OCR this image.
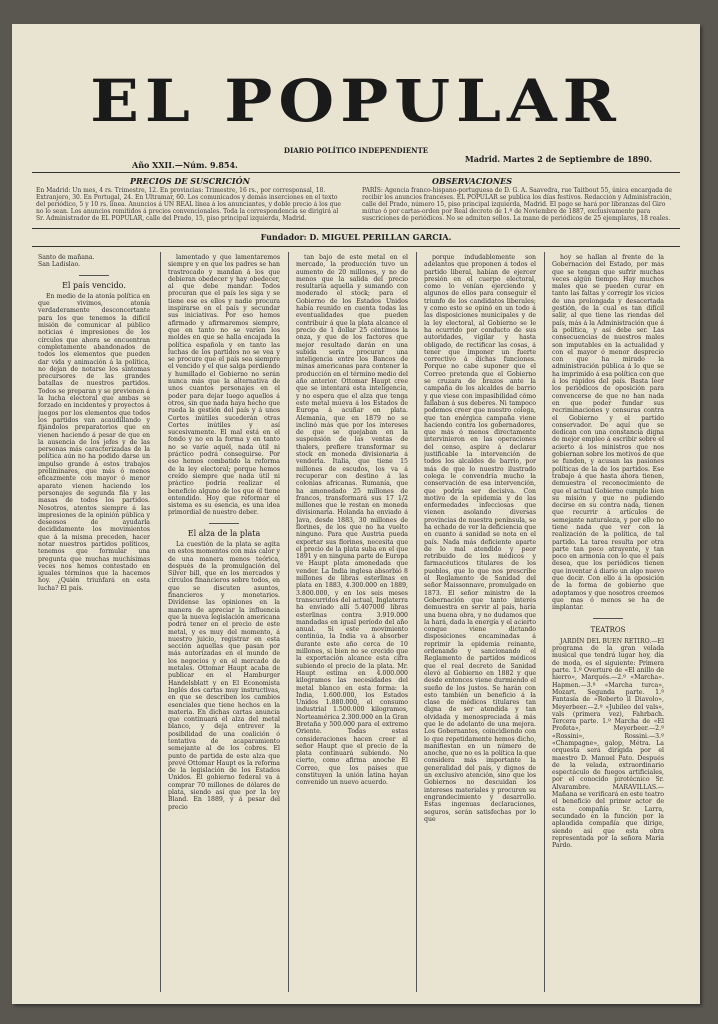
EL POPULAR
DIARIO POLÍTICO INDEPENDIENTE
Año XXII.—Núm. 9.854.
Madrid. Martes 2 de Septiembre de 1890.
PRECIOS DE SUSCRICIÓN
En Madrid: Un mes, 4 rs. Trimestre, 12. En provincias: Trimestre, 16 rs., por corresponsal, 18. Extranjero, 30. En Portugal, 24. En Ultramar, 60. Los comunicados y demás inserciones en el texto del periódico, 5 y 10 rs. línea. Anuncios á UN REAL línea á los anunciantes, y doble precio á los que no lo sean. Los anuncios remitidos á precios convencionales. Toda la correspondencia se dirigirá al Sr. Administrador de EL POPULAR, calle del Prado, 15, piso principal izquierda, Madrid.
OBSERVACIONES
PARÍS: Agencia franco-hispano-portuguesa de D. G. A. Saavedra, rue Taitbout 55, única encargada de recibir los anuncios franceses. EL POPULAR se publica los días festivos. Redacción y Administración, calle del Prado, número 15, piso principal izquierda, Madrid. El pago se hará por libranzas del Giro mútuo ó por cartas-orden por Real decreto de 1.º de Noviembre de 1887, exclusivamente para suscriciones de periódicos. No se admiten sellos. La mano de periódicos de 25 ejemplares, 18 reales.
Fundador: D. MIGUEL PERILLAN GARCIA.

Santo de mañana.

San Ladislao.

El país vencido.

En medio de la atonía política en que vivimos, atonía verdaderamente desconcertante para los que tenemos la difícil misión de comunicar al público noticias é impresiones de los círculos que ahora se encuentran completamente abandonados de todos los elementos que pueden dar vida y animación á la política, no dejan de notarse los síntomas precursores de las grandes batallas de nuestros partidos. Todos se preparan y se previenen á la lucha electoral que ambas se forzado en incidentes y proyectos á juegos por los elementos que todos los partidos van acaudillando y fijándolos preparatorios que en vienen haciendo á pesar de que en la ausencia de los jefes y de las personas más caracterizadas de la política aún no ha podido darse un impulso grande á estos trabajos preliminares, que más ó menos eficazmente con mayor ó menor aparato vienen haciendo los personajes de segunda fila y las masas de todos los partidos. Nosotros, atentos siempre á las impresiones de la opinión pública y deseosos de ayudarla decididamente los movimientos que á la misma preceden, hacer notar nuestros partidos políticos, tenemos que formular una pregunta que muchas muchísimas veces nos hemos contestado en iguales términos que la hacemos hoy. ¿Quién triunfará en esta lucha? El país.

lamentado y que lamentaremos siempre y en que los padres se han trastrocado y mandan á los que debieran obedecer y hay obedecer, al que debe mandar. Todos procuran que el país les siga y se tiene ese es ellos y nadie procura inspirarse en el país y secundar sus iniciativas. Por eso hemos afirmado y afirmaremos siempre, que en tanto no se varíen los moldes en que se halla encajada la política española y en tanto las luchas de los partidos no se vea y se procure que el país sea siempre el vencido y el que salga perdiendo y humillado el Gobierno no serán nunca más que la alternativa de unos cuantos personajes en el poder para dejar luego aquellos á otros, sin que nada haya hecho que rueda la gestión del país y á unos Cortes inútiles sucederán otras Cortes inútiles y así sucesivamente. El mal está en el fondo y no en la forma y en tanto no se varíe aquél, nada útil ni práctico podrá conseguirse. Por eso hemos combatido la reforma de la ley electoral; porque hemos creído siempre que nada útil ni práctico podría realizar el beneficio alguno de los que él tiene entendido. Hoy que reformar el sistema es su esencia, es una idea primordial de nuestro deber.

El alza de la plata

La cuestión de la plata se agita en estos momentos con más calor y de una manera menos teórica, después de la promulgación del Silver bill, que en los mercados y círculos financieros sobre todos, en que se discuten asuntos, financieros y monetarios. Divídense las opiniones en la manera de apreciar la influencia que la nueva legislación americana podrá tener en el precio de este metal, y es muy del momento, á nuestro juicio, registrar en esta sección aquellas que pasan por más autorizadas en el mundo de los negocios y en el mercado de metales. Ottomar Haupt acaba de publicar en el Hamburger Handelsblatt y en El Economista Inglés dos cartas muy instructivas, en que se describen los cambios esenciales que tiene hechos en la materia. En dichas cartas anuncia que continuará el alza del metal blanco, y deja entrever la posibilidad de una coalición ó tentativa de acaparamiento semejante al de los cobres. El punto de partida de este alza que prevé Ottomar Haupt es la reforma de la legislación de los Estados Unidos. El gobierno federal va á comprar 70 millones de dólares de plata, siendo así que por la ley Bland. En 1889, y á pesar del precio

tan bajo de este metal en el mercado, la producción tuvo un aumento de 20 millones, y no de menos que la salida del precio resultaría aquella y sumando con moderado el stock; para el Gobierno de los Estados Unidos había reunido en cuenta todas las eventualidades que pueden contribuir á que la plata alcance el precio de 1 dollar 25 céntimos la onza, y que de los factores que mejor resultado darán en una subida sería procurar una inteligencia entre los Bancos de minas americanas para contener la producción en el término medio del año anterior. Ottomar Haupt cree que se intentará esta inteligencia, y no espera que el alza que tenga este metal mueva á los Estados de Europa á acuñar en plata. Alemania, que en 1879 no se inclinó más que por los intereses de que se quejaban en la suspensión de las ventas de thalers, prefiere transformar su stock en moneda divisionaria á venderla. Italia, que tiene 15 millones de escudos, los va á recuperar con destino á las colonias africanas. Rumanía, que ha amonedado 25 millones de francos, transformará sus 17 1/2 millones que le restan en moneda divisionaria. Holanda ha enviado á Java, desde 1883, 30 millones de florines, de los que no ha vuelto ninguno. Para que Austria pueda exportar sus florines, necesita que el precio de la plata suba en el que 1891 y en ninguna parte de Europa ve Haupt plata amonedada que vender. La India inglesa absorbió 8 millones de libras esterlinas en plata en 1883, 4.300.000 en 1889, 3.800.000, y en los seis meses transcurridos del actual, Inglaterra ha enviado allí 5.407000 libras esterlinas contra 3.919.000 mandadas en igual período del año anual. Si este movimiento continúa, la India va á absorber durante este año cerca de 10 millones, si bien no se crecido que la exportación alcance esta cifra subiendo el precio de la plata. Mr. Haupt estima en 4.000.000 kilogramos las necesidades del metal blanco en esta forma: la India, 1.600.000, los Estados Unidos 1.880.000, el consumo industrial 1.500.000 kilogramos, Norteamérica 2.300.000 en la Gran Bretaña y 500.000 para el extremo Oriente. Todas estas consideraciones hacen creer al señor Haupt que el precio de la plata continuará subiendo. No cierto, como afirma anoche El Correo, que los países que constituyen la unión latina hayan convenido un nuevo acuerdo.

porque indudablemente son adelantos que proponen á todos el partido liberal, habían de ejercer presión en el cuerpo electoral, como lo venían ejerciendo y algunos de ellos para conseguir el triunfo de los candidatos liberales; y como esto se opinó en un todo á las disposiciones municipales y de la ley electoral, al Gobierno se le ha ocurrido por conducto de sus autoridades, vigilar y hasta obligado, de rectificar las cosas, á tener que imponer un fuerte correctivo á dichas funciones. Porque no cabe suponer que el Correo pretenda que el Gobierno se cruzara de brazos ante la campaña de los alcaldes de barrio y que viese con impasibilidad cómo fallaban á sus deberes. Ni tampoco podemos creer que nuestro colega, que tan enérgica campaña viene haciendo contra los gobernadores, que más ó menos directamente intervinieron en las operaciones del censo, aspire á declarar justificable la intervención de todos los alcaldes de barrio, por más de que lo nuestro ilustrado colega le convendría mucho la conservación de esa intervención, que podría ser decisiva. Con motivo de la epidemia y de las enfermedades infecciosas que vienen asolando diversas provincias de nuestra península, se ha echado de ver la deficiencia que en cuanto á sanidad se nota en el país. Nada más deficiente aparte de lo mal atendido y peor retribuido de los médicos y farmacéuticos titulares de los pueblos, que lo que nos prescribe el Reglamento de Sanidad del señor Maissonnave, promulgado en 1873. El señor ministro de la Gobernación que tanto interés demuestra en servir al país, haría una buena obra, y no dudamos que la hará, dada la energía y el acierto conque viene dictando disposiciones encaminadas á reprimir la epidemia reinante, ordenando y sancionando el Reglamento de partidos médicos que el real decreto de Sanidad elevó al Gobierno en 1882 y que desde entonces viene durmiendo el sueño de los justos. Se harán con esto también un beneficio á la clase de médicos titulares tan digna de ser atendida y tan olvidada y menospreciada á más que le de adelanto de una mejora. Los Gobernantes, coincidiendo con lo que repetidamente hemos dicho, manifiestan en un número de anoche, que no es la política la que considera más importante la generalidad del país, y dignos de un exclusivo atención, sino que los Gobiernos no descuidan los intereses materiales y procuren su engrandecimiento y desarrollo. Estas ingenuas declaraciones, seguros, serán satisfechas por lo que

hoy se hallan al frente de la Gobernación del Estado, por más que se tengan que sufrir muchas veces algún tiempo. Hay muchos males que se pueden curar en tanto las faltas y corregir los vicios de una prolongada y desacertada gestión, de la cual es tan difícil salir, al que tiene las riendas del país, más á la Administración que á la política, y así debe ser. Las consecuencias de nuestros males son imputables en la actualidad y con el mayor ó menor desprecio con que ha mirado la administración pública á lo que se ha imprimido á esa política con que á los rápidos del país. Basta leer los periódicos de oposición para convencerse de que no han nada en que poder fundar sus recriminaciones y censuras contra el Gobierno y el partido conservador. De aquí que se dedican con una constancia digna de mejor empleo á escribir sobre el acierto á los ministros que nos gobiernan sobre los motivos de que se funden, y acusan las pasiones políticas de la de los partidos. Ese trabajo á que hasta ahora tienen, demuestra el reconocimiento de que el actual Gobierno cumple bien su misión y que no pudiendo decirse en su contra nada, tienen que recurrir á artículos de semejante naturaleza, y por ello no tiene nada que ver con la realización de la política, de tal partido. La tarea resulta por otra parte tan poco atrayente, y tan poco en armonía con lo que el país desea, que los periódicos tienen que inventar á diario un algo nuevo que decir. Con ello á la oposición de la forma de gobierno que adoptamos y que nosotros creemos que mas ó menos se ha de implantar.

TEATROS

JARDÍN DEL BUEN RETIRO.—El programa de la gran velada musical que tendrá lugar hoy, día de moda, es el siguiente: Primera parte. 1.º Overture de «El anillo de hierro», Marqués.—2.º «Marcha». Hapmen.—3.º «Marcha turca», Mozart. Segunda parte. 1.º Fantasía de «Roberto il Diavolo», Meyerbeer.—2.º «Jubileo del vals», vals (primera vez), Fahrbach. Tercera parte. 1.º Marcha de «El Profeta», Meyerbeer.—2.º «Rossini», Rossini.—3.º «Champagne», galop, Métra. La orquesta será dirigida por el maestro D. Manuel Pato. Después de la velada, extraordinario espectáculo de fuegos artificiales, por el conocido pirotécnico Sr. Alvarambre. MARAVILLAS.—Mañana se verificará en este teatro el beneficio del primer actor de esta compañía Sr. Larra, secundado en la función por la aplaudida compañía que dirige, siendo así que esta obra representada por la señora María Pardo.
